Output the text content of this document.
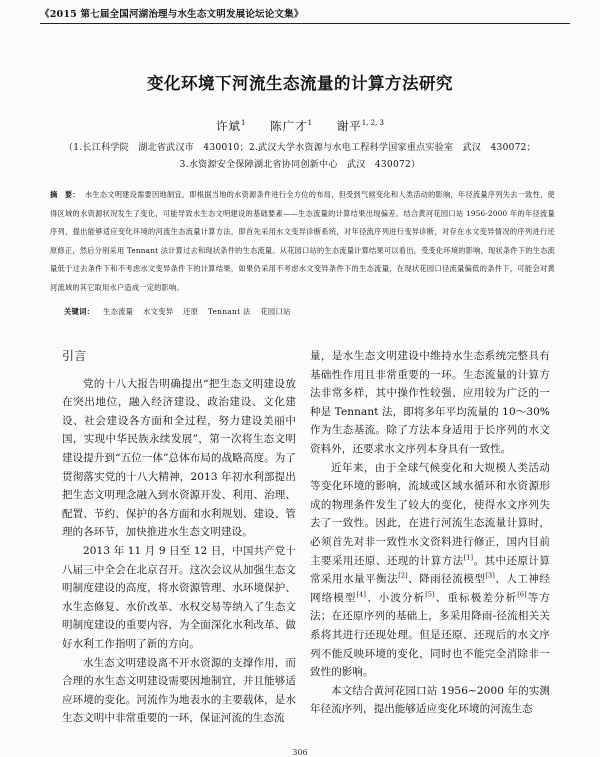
《2015 第七届全国河湖治理与水生态文明发展论坛论文集》
变化环境下河流生态流量的计算方法研究
许斌$^1$ 陈广才$^1$ 谢平$^{1, 2, 3}$
（1.长江科学院　湖北省武汉市　430010；2.武汉大学水资源与水电工程科学国家重点实验室　武汉　430072；
3.水资源安全保障湖北省协同创新中心　武汉　430072）
摘　要： 水生态文明建设需要因地制宜，即根据当地的水资源条件进行全方位的布局，但受到气候变化和人类活动的影响，年径流量序列失去一致性，使得区域的水资源状况发生了变化，可能导致水生态文明建设的基础要素——生态流量的计算结果出现偏差。结合黄河花园口站 1956-2000 年的年径流量序列，提出能够适应变化环境的河流生态流量计算方法，即首先采用水文变异诊断系统，对年径流序列进行变异诊断，对存在水文变异情况的序列进行还原修正，然后分别采用 Tennant 法计算过去和现状条件的生态流量。从花园口站的生态流量计算结果可以看出，受变化环境的影响，现状条件下的生态流量低于过去条件下和不考虑水文变异条件下的计算结果，如果仍采用不考虑水文变异条件下的生态流量，在现状花园口径流量偏低的条件下，可能会对黄河流域的其它取用水户造成一定的影响。
关键词： 生态流量 水文变异 还原 Tennant 法 花园口站
引言

党的十八大报告明确提出“把生态文明建设放在突出地位，融入经济建设、政治建设、文化建设、社会建设各方面和全过程，努力建设美丽中国，实现中华民族永续发展”，第一次将生态文明建设提升到“五位一体”总体布局的战略高度。为了贯彻落实党的十八大精神，2013 年初水利部提出把生态文明理念融入到水资源开发、利用、治理、配置、节约、保护的各方面和水利规划、建设、管理的各环节，加快推进水生态文明建设。

2013 年 11 月 9 日至 12 日，中国共产党十八届三中全会在北京召开。这次会议从加强生态文明制度建设的高度，将水资源管理、水环境保护、水生态修复、水价改革、水权交易等纳入了生态文明制度建设的重要内容，为全面深化水利改革、做好水利工作指明了新的方向。

水生态文明建设离不开水资源的支撑作用，而合理的水生态文明建设需要因地制宜，并且能够适应环境的变化。河流作为地表水的主要载体，是水生态文明中非常重要的一环，保证河流的生态流

量，是水生态文明建设中维持水生态系统完整具有基础性作用且非常重要的一环。生态流量的计算方法非常多样，其中操作性较强、应用较为广泛的一种是 Tennant 法，即将多年平均流量的 10～30%作为生态基流。除了方法本身适用于长序列的水文资料外，还要求水文序列本身具有一致性。

近年来，由于全球气候变化和大规模人类活动等变化环境的影响，流域或区域水循环和水资源形成的物理条件发生了较大的变化，使得水文序列失去了一致性。因此，在进行河流生态流量计算时，必须首先对非一致性水文资料进行修正，国内目前主要采用还原、还现的计算方法[1]。其中还原计算常采用水量平衡法[2]、降雨径流模型[3]、人工神经网络模型[4]、小波分析[5]、重标极差分析[6]等方法；在还原序列的基础上，多采用降雨-径流相关关系将其进行还现处理。但是还原、还现后的水文序列不能反映环境的变化，同时也不能完全消除非一致性的影响。

本文结合黄河花园口站 1956~2000 年的实测年径流序列，提出能够适应变化环境的河流生态

306
